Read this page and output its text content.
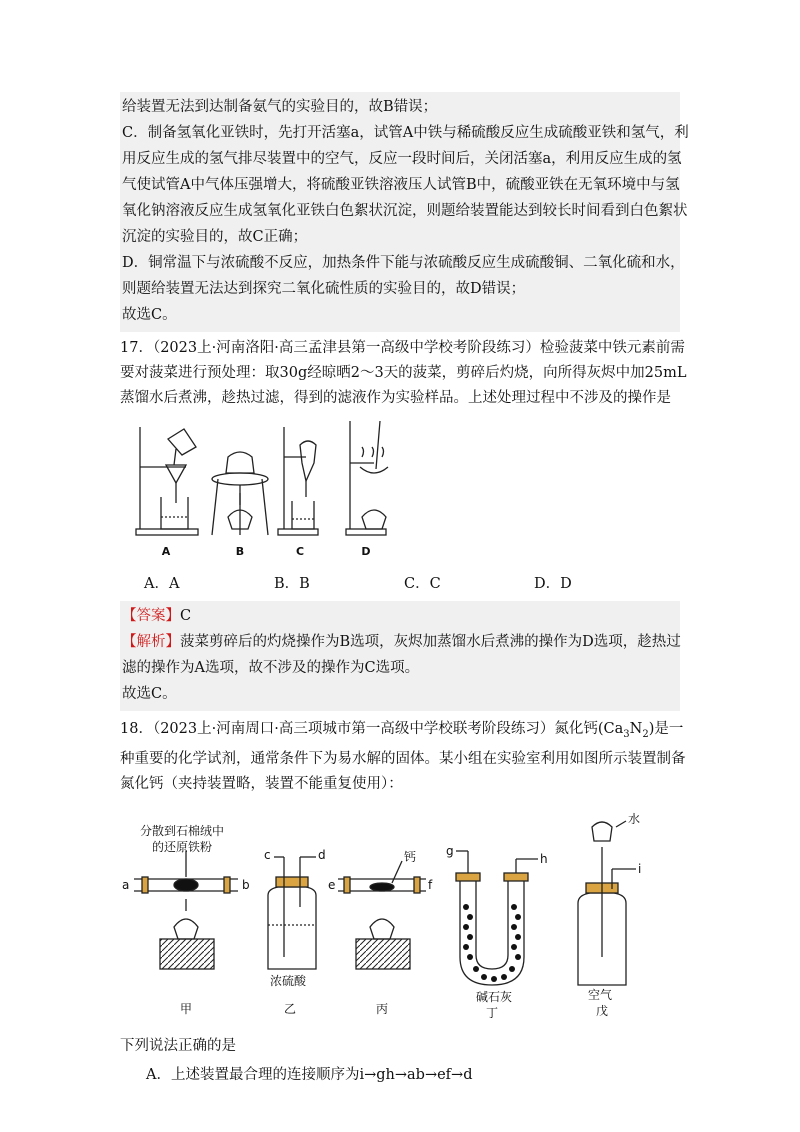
给装置无法到达制备氨气的实验目的，故B错误；
C．制备氢氧化亚铁时，先打开活塞a，试管A中铁与稀硫酸反应生成硫酸亚铁和氢气，利
用反应生成的氢气排尽装置中的空气，反应一段时间后，关闭活塞a，利用反应生成的氢
气使试管A中气体压强增大，将硫酸亚铁溶液压人试管B中，硫酸亚铁在无氧环境中与氢
氧化钠溶液反应生成氢氧化亚铁白色絮状沉淀，则题给装置能达到较长时间看到白色絮状
沉淀的实验目的，故C正确；
D．铜常温下与浓硫酸不反应，加热条件下能与浓硫酸反应生成硫酸铜、二氧化硫和水，
则题给装置无法达到探究二氧化硫性质的实验目的，故D错误；
故选C。
17．（2023上·河南洛阳·高三孟津县第一高级中学校考阶段练习）检验菠菜中铁元素前需
要对菠菜进行预处理：取30g经晾晒2～3天的菠菜，剪碎后灼烧，向所得灰烬中加25mL
蒸馏水后煮沸，趁热过滤，得到的滤液作为实验样品。上述处理过程中不涉及的操作是
A	B	C	D
A．A	B．B	C．C	D．D
【答案】C
【解析】菠菜剪碎后的灼烧操作为B选项，灰烬加蒸馏水后煮沸的操作为D选项，趁热过
滤的操作为A选项，故不涉及的操作为C选项。
故选C。
18．（2023上·河南周口·高三项城市第一高级中学校联考阶段练习）氮化钙$(Ca_3N_2)$是一
种重要的化学试剂，通常条件下为易水解的固体。某小组在实验室利用如图所示装置制备
氮化钙（夹持装置略，装置不能重复使用）：
分散到石棉绒中
的还原铁粉
a	b
c	d
e	f
钙 g
h
i
水
浓硫酸
碱石灰	空气
甲	乙	丙	丁	戊
下列说法正确的是
A．上述装置最合理的连接顺序为i→gh→ab→ef→d
